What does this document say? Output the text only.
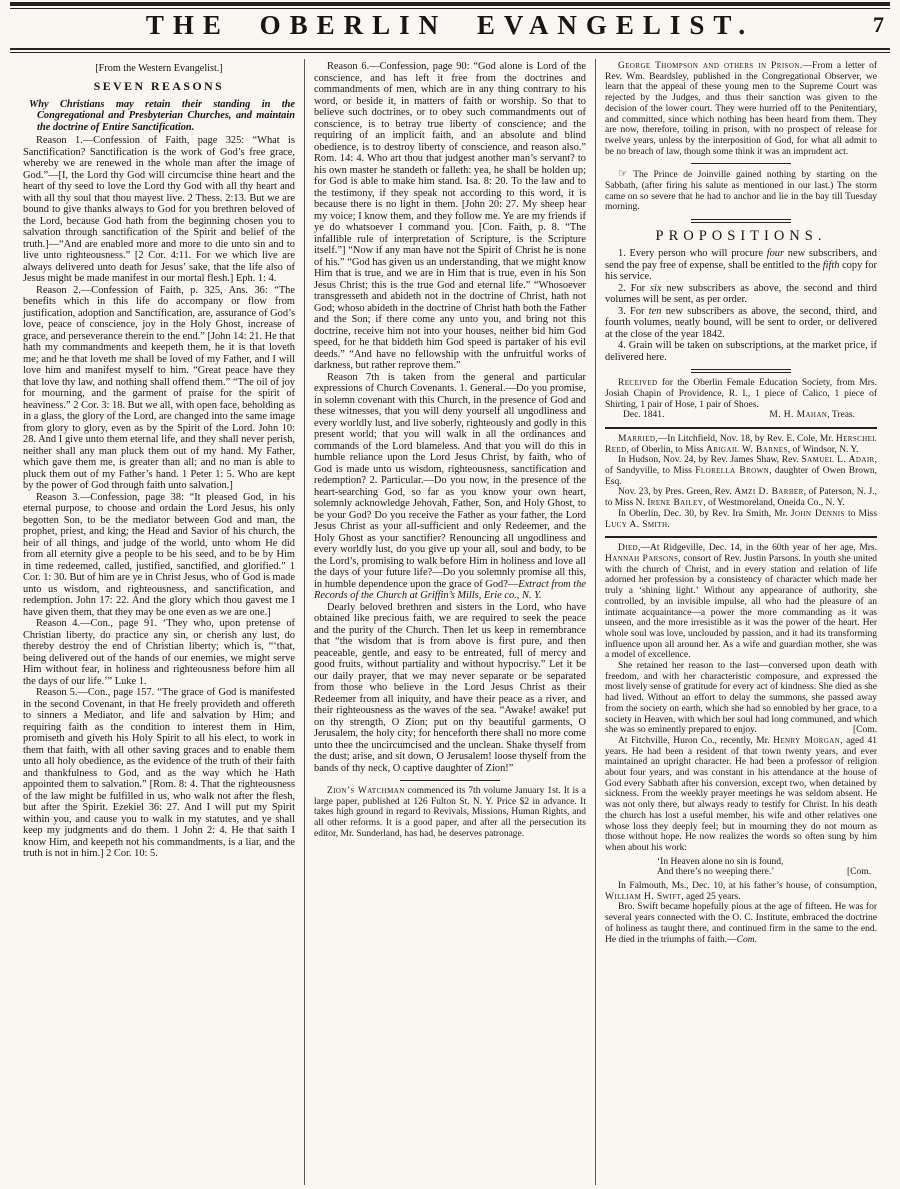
THE OBERLIN EVANGELIST.	7
[From the Western Evangelist.]
SEVEN REASONS
Why Christians may retain their standing in the Congregational and Presbyterian Churches, and maintain the doctrine of Entire Sanctification.
Reason 1.—Confession of Faith, page 325: “What is Sanctification? Sanctification is the work of God’s free grace, whereby we are renewed in the whole man after the image of God.”—[I, the Lord thy God will circumcise thine heart and the heart of thy seed to love the Lord thy God with all thy heart and with all thy soul that thou mayest live. 2 Thess. 2:13. But we are bound to give thanks always to God for you brethren beloved of the Lord, because God hath from the beginning chosen you to salvation through sanctification of the Spirit and belief of the truth.]—“And are enabled more and more to die unto sin and to live unto righteousness.” [2 Cor. 4:11. For we which live are always delivered unto death for Jesus’ sake, that the life also of Jesus might be made manifest in our mortal flesh.] Eph. 1: 4.
Reason 2.—Confession of Faith, p. 325, Ans. 36: “The benefits which in this life do accompany or flow from justification, adoption and Sanctification, are, assurance of God’s love, peace of conscience, joy in the Holy Ghost, increase of grace, and perseverance therein to the end.” [John 14: 21. He that hath my commandments and keepeth them, he it is that loveth me; and he that loveth me shall be loved of my Father, and I will love him and manifest myself to him. “Great peace have they that love thy law, and nothing shall offend them.” “The oil of joy for mourning, and the garment of praise for the spirit of heaviness.” 2 Cor. 3: 18. But we all, with open face, beholding as in a glass, the glory of the Lord, are changed into the same image from glory to glory, even as by the Spirit of the Lord. John 10: 28. And I give unto them eternal life, and they shall never perish, neither shall any man pluck them out of my hand. My Father, which gave them me, is greater than all; and no man is able to pluck them out of my Father’s hand. 1 Peter 1: 5. Who are kept by the power of God through faith unto salvation.]
Reason 3.—Confession, page 38: “It pleased God, in his eternal purpose, to choose and ordain the Lord Jesus, his only begotten Son, to be the mediator between God and man, the prophet, priest, and king; the Head and Savior of his church, the heir of all things, and judge of the world, unto whom He did from all eternity give a people to be his seed, and to be by Him in time redeemed, called, justified, sanctified, and glorified.” 1 Cor. 1: 30. But of him are ye in Christ Jesus, who of God is made unto us wisdom, and righteousness, and sanctification, and redemption. John 17: 22. And the glory which thou gavest me I have given them, that they may be one even as we are one.]
Reason 4.—Con., page 91. ‘They who, upon pretense of Christian liberty, do practice any sin, or cherish any lust, do thereby destroy the end of Christian liberty; which is, “‘that, being delivered out of the hands of our enemies, we might serve Him without fear, in holiness and righteousness before him all the days of our life.’” Luke 1.
Reason 5.—Con., page 157. “The grace of God is manifested in the second Covenant, in that He freely provideth and offereth to sinners a Mediator, and life and salvation by Him; and requiring faith as the condition to interest them in Him, promiseth and giveth his Holy Spirit to all his elect, to work in them that faith, with all other saving graces and to enable them unto all holy obedience, as the evidence of the truth of their faith and thankfulness to God, and as the way which he Hath appointed them to salvation.” [Rom. 8: 4. That the righteousness of the law might be fulfilled in us, who walk not after the flesh, but after the Spirit. Ezekiel 36: 27. And I will put my Spirit within you, and cause you to walk in my statutes, and ye shall keep my judgments and do them. 1 John 2: 4. He that saith I know Him, and keepeth not his commandments, is a liar, and the truth is not in him.] 2 Cor. 10: 5.
Reason 6.—Confession, page 90: “God alone is Lord of the conscience, and has left it free from the doctrines and commandments of men, which are in any thing contrary to his word, or beside it, in matters of faith or worship. So that to believe such doctrines, or to obey such commandments out of conscience, is to betray true liberty of conscience; and the requiring of an implicit faith, and an absolute and blind obedience, is to destroy liberty of conscience, and reason also.” Rom. 14: 4. Who art thou that judgest another man’s servant? to his own master he standeth or falleth: yea, he shall be holden up; for God is able to make him stand. Isa. 8: 20. To the law and to the testimony, if they speak not according to this word, it is because there is no light in them. [John 20: 27. My sheep hear my voice; I know them, and they follow me. Ye are my friends if ye do whatsoever I command you. [Con. Faith, p. 8. “The infallible rule of interpretation of Scripture, is the Scripture itself.”] “Now if any man have not the Spirit of Christ he is none of his.” “God has given us an understanding, that we might know Him that is true, and we are in Him that is true, even in his Son Jesus Christ; this is the true God and eternal life.” “Whosoever transgresseth and abideth not in the doctrine of Christ, hath not God; whoso abideth in the doctrine of Christ hath both the Father and the Son; if there come any unto you, and bring not this doctrine, receive him not into your houses, neither bid him God speed, for he that biddeth him God speed is partaker of his evil deeds.” “And have no fellowship with the unfruitful works of darkness, but rather reprove them.”
Reason 7th is taken from the general and particular expressions of Church Covenants. 1. General.—Do you promise, in solemn covenant with this Church, in the presence of God and these witnesses, that you will deny yourself all ungodliness and every worldly lust, and live soberly, righteously and godly in this present world; that you will walk in all the ordinances and commands of the Lord blameless. And that you will do this in humble reliance upon the Lord Jesus Christ, by faith, who of God is made unto us wisdom, righteousness, sanctification and redemption? 2. Particular.—Do you now, in the presence of the heart-searching God, so far as you know your own heart, solemnly acknowledge Jehovah, Father, Son, and Holy Ghost, to be your God? Do you receive the Father as your father, the Lord Jesus Christ as your all-sufficient and only Redeemer, and the Holy Ghost as your sanctifier? Renouncing all ungodliness and every worldly lust, do you give up your all, soul and body, to be the Lord’s, promising to walk before Him in holiness and love all the days of your future life?—Do you solemnly promise all this, in humble dependence upon the grace of God?—Extract from the Records of the Church at Griffin’s Mills, Erie co., N. Y.
Dearly beloved brethren and sisters in the Lord, who have obtained like precious faith, we are required to seek the peace and the purity of the Church. Then let us keep in remembrance that “the wisdom that is from above is first pure, and then peaceable, gentle, and easy to be entreated, full of mercy and good fruits, without partiality and without hypocrisy.” Let it be our daily prayer, that we may never separate or be separated from those who believe in the Lord Jesus Christ as their Redeemer from all iniquity, and have their peace as a river, and their righteousness as the waves of the sea. “Awake! awake! put on thy strength, O Zion; put on thy beautiful garments, O Jerusalem, the holy city; for henceforth there shall no more come unto thee the uncircumcised and the unclean. Shake thyself from the dust; arise, and sit down, O Jerusalem! loose thyself from the bands of thy neck, O captive daughter of Zion!”
Zion’s Watchman commenced its 7th volume January 1st. It is a large paper, published at 126 Fulton St. N. Y. Price $2 in advance. It takes high ground in regard to Revivals, Missions, Human Rights, and all other reforms. It is a good paper, and after all the persecution its editor, Mr. Sunderland, has had, he deserves patronage.
George Thompson and others in Prison.—From a letter of Rev. Wm. Beardsley, published in the Congregational Observer, we learn that the appeal of these young men to the Supreme Court was rejected by the Judges, and thus their sanction was given to the decision of the lower court. They were hurried off to the Penitentiary, and committed, since which nothing has been heard from them. They are now, therefore, toiling in prison, with no prospect of release for twelve years, unless by the interposition of God, for what all admit to be no breach of law, though some think it was an imprudent act.
☞ The Prince de Joinville gained nothing by starting on the Sabbath, (after firing his salute as mentioned in our last.) The storm came on so severe that he had to anchor and lie in the bay till Tuesday morning.
PROPOSITIONS.
1. Every person who will procure four new subscribers, and send the pay free of expense, shall be entitled to the fifth copy for his service.
2. For six new subscribers as above, the second and third volumes will be sent, as per order.
3. For ten new subscribers as above, the second, third, and fourth volumes, neatly bound, will be sent to order, or delivered at the close of the year 1842.
4. Grain will be taken on subscriptions, at the market price, if delivered here.
Received for the Oberlin Female Education Society, from Mrs. Josiah Chapin of Providence, R. I., 1 piece of Calico, 1 piece of Shirting, 1 pair of Hose, 1 pair of Shoes.
Dec. 1841.	M. H. Mahan, Treas.
Married,—In Litchfield, Nov. 18, by Rev. E. Cole, Mr. Herschel Reed, of Oberlin, to Miss Abigail W. Barnes, of Windsor, N. Y.
In Hudson, Nov. 24, by Rev. James Shaw, Rev. Samuel L. Adair, of Sandyville, to Miss Florella Brown, daughter of Owen Brown, Esq.
Nov. 23, by Pres. Green, Rev. Amzi D. Barber, of Paterson, N. J., to Miss N. Irene Bailey, of Westmoreland, Oneida Co., N. Y.
In Oberlin, Dec. 30, by Rev. Ira Smith, Mr. John Dennis to Miss Lucy A. Smith.
Died,—At Ridgeville, Dec. 14, in the 60th year of her age, Mrs. Hannah Parsons, consort of Rev. Justin Parsons. In youth she united with the church of Christ, and in every station and relation of life adorned her profession by a consistency of character which made her truly a ‘shining light.’ Without any appearance of authority, she controlled, by an invisible impulse, all who had the pleasure of an intimate acquaintance—a power the more commanding as it was unseen, and the more irresistible as it was the power of the heart. Her whole soul was love, unclouded by passion, and it had its transforming influence upon all around her. As a wife and guardian mother, she was a model of excellence.
She retained her reason to the last—conversed upon death with freedom, and with her characteristic composure, and expressed the most lively sense of gratitude for every act of kindness. She died as she had lived. Without an effort to delay the summons, she passed away from the society on earth, which she had so ennobled by her grace, to a society in Heaven, with which her soul had long communed, and which she was so eminently prepared to enjoy.	[Com.
At Fitchville, Huron Co., recently, Mr. Henry Morgan, aged 41 years. He had been a resident of that town twenty years, and ever maintained an upright character. He had been a professor of religion about four years, and was constant in his attendance at the house of God every Sabbath after his conversion, except two, when detained by sickness. From the weekly prayer meetings he was seldom absent. He was not only there, but always ready to testify for Christ. In his death the church has lost a useful member, his wife and other relatives one whose loss they deeply feel; but in mourning they do not mourn as those without hope. He now realizes the words so often sung by him when about his work:
‘In Heaven alone no sin is found,
And there’s no weeping there.’	[Com.
In Falmouth, Ms., Dec. 10, at his father’s house, of consumption, William H. Swift, aged 25 years.
Bro. Swift became hopefully pious at the age of fifteen. He was for several years connected with the O. C. Institute, embraced the doctrine of holiness as taught there, and continued firm in the same to the end. He died in the triumphs of faith.—Com.
